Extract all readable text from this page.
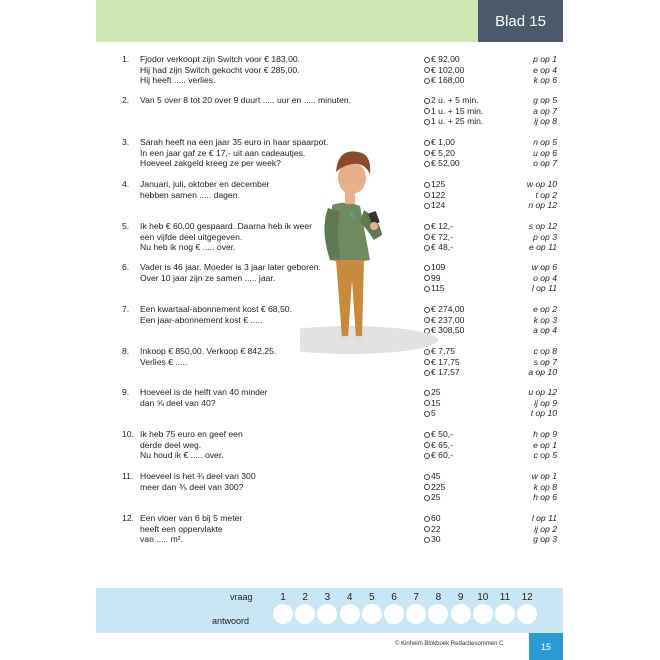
Blad 15
1.	Fjodor verkoopt zijn Switch voor € 183,00.
Hij had zijn Switch gekocht voor € 285,00.
Hij heeft ..... verlies.
€ 92,00	p op 1
€ 102,00	e op 4
€ 168,00	k op 6
2.	Van 5 over 8 tot 20 over 9 duurt ..... uur en ..... minuten.	2 u. + 5 min.	g op 5
1 u. + 15 min.	a op 7
1 u. + 25 min.	ij op 8
3.	Sarah heeft na een jaar 35 euro in haar spaarpot.
In een jaar gaf ze € 17,- uit aan cadeautjes.
Hoeveel zakgeld kreeg ze per week?
€ 1,00	n op 5
€ 5,20	u op 6
€ 52,00	o op 7
4.	Januari, juli, oktober en december
hebben samen ..... dagen.
125	w op 10
122	t op 2
124	n op 12
5.	Ik heb € 60,00 gespaard. Daarna heb ik weer
een vijfde deel uitgegeven.
Nu heb ik nog € ..... over.
€ 12,-	s op 12
€ 72,-	p op 3
€ 48,-	e op 11
6.	Vader is 46 jaar. Moeder is 3 jaar later geboren.
Over 10 jaar zijn ze samen ..... jaar.
109	w op 6
99	o op 4
115	l op 11
7.	Een kwartaal-abonnement kost € 68,50.
Een jaar-abonnement kost € .....
€ 274,00	e op 2
€ 237,00	k op 3
€ 308,50	a op 4
8.	Inkoop € 850,00. Verkoop € 842,25.
Verlies € .....
€ 7,75	c op 8
€ 17,75	s op 7
€ 17,57	a op 10
9.	Hoeveel is de helft van 40 minder
dan ⅝ deel van 40?
25	u op 12
15	ij op 9
5	t op 10
10. Ik heb 75 euro en geef een
derde deel weg.
Nu houd ik € ..... over.
€ 50,-	h op 9
€ 65,-	e op 1
€ 60,-	c op 5
11. Hoeveel is het ¾ deel van 300
meer dan ⅗ deel van 300?
45	w op 1
225	k op 8
25	h op 6
12. Een vloer van 6 bij 5 meter
heeft een oppervlakte
van ..... m².
60	l op 11
22	ij op 2
30	g op 3
K
vraag
antwoord
1	2	3	4	5	6	7	8	9	10	11	12
© Kinheim Blokboek Redactiesommen C	15
